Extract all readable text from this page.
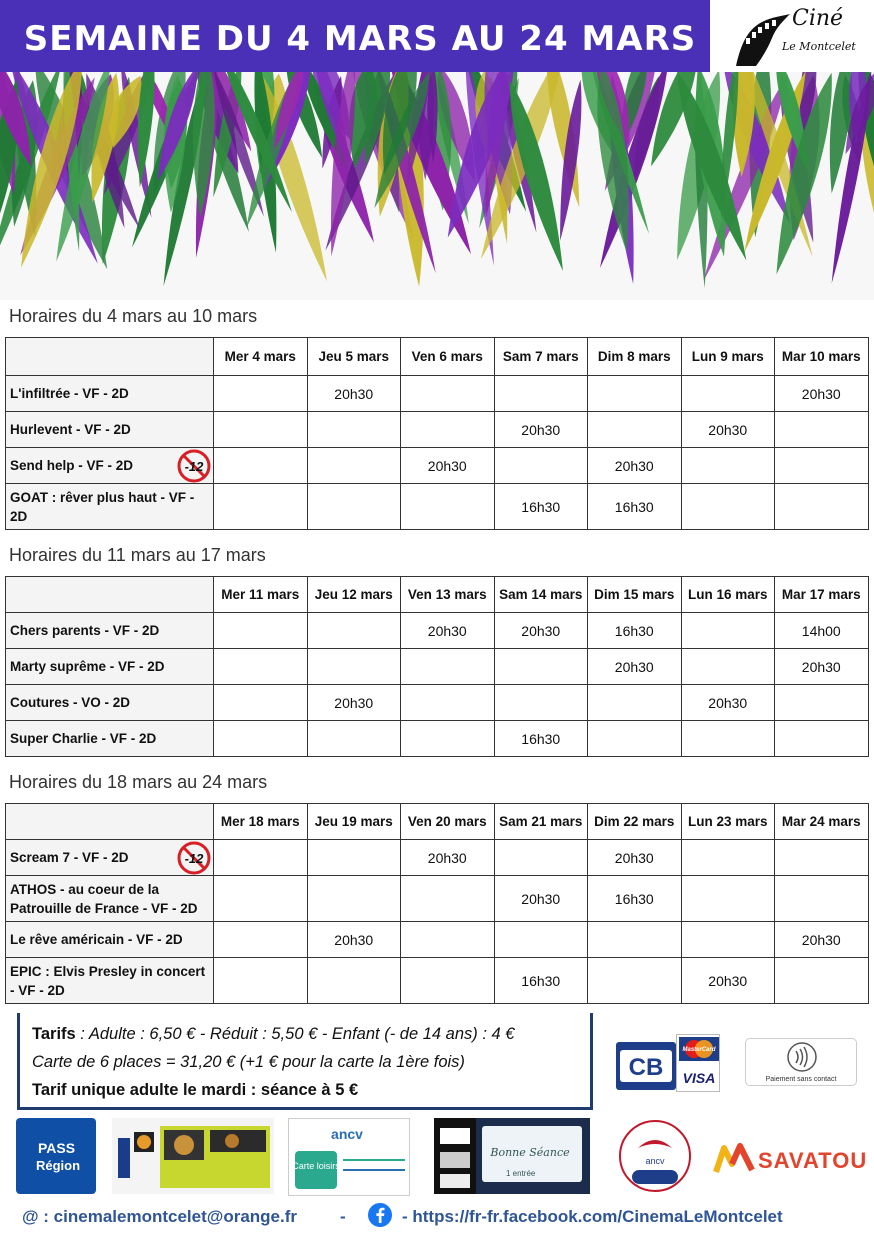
SEMAINE DU 4 MARS AU 24 MARS
Ciné
Le Montcelet
Horaires du 4 mars au 10 mars
	Mer 4 mars	Jeu 5 mars	Ven 6 mars	Sam 7 mars	Dim 8 mars	Lun 9 mars	Mar 10 mars
L'infiltrée - VF - 2D		20h30					20h30
Hurlevent - VF - 2D				20h30		20h30	
Send help - VF - 2D -12			20h30		20h30		
GOAT : rêver plus haut - VF - 2D				16h30	16h30		
Horaires du 11 mars au 17 mars
	Mer 11 mars	Jeu 12 mars	Ven 13 mars	Sam 14 mars	Dim 15 mars	Lun 16 mars	Mar 17 mars
Chers parents - VF - 2D			20h30	20h30	16h30		14h00
Marty suprême - VF - 2D					20h30		20h30
Coutures - VO - 2D		20h30				20h30	
Super Charlie - VF - 2D				16h30			
Horaires du 18 mars au 24 mars
	Mer 18 mars	Jeu 19 mars	Ven 20 mars	Sam 21 mars	Dim 22 mars	Lun 23 mars	Mar 24 mars
Scream 7 - VF - 2D -12			20h30		20h30		
ATHOS - au coeur de la Patrouille de France - VF - 2D				20h30	16h30		
Le rêve américain - VF - 2D		20h30					20h30
EPIC : Elvis Presley in concert - VF - 2D				16h30		20h30	
Tarifs : Adulte : 6,50 € - Réduit : 5,50 € - Enfant (- de 14 ans) : 4 €
Carte de 6 places = 31,20 € (+1 € pour la carte la 1ère fois)
Tarif unique adulte le mardi : séance à 5 €
CB
MasterCard
VISA	Paiement sans contact
PASS
Région
ancv
Carte loisirs
Bonne Séance
1 entrée
ancv	SAVATOU
@ : cinemalemontcelet@orange.fr	-	- https://fr-fr.facebook.com/CinemaLeMontcelet
